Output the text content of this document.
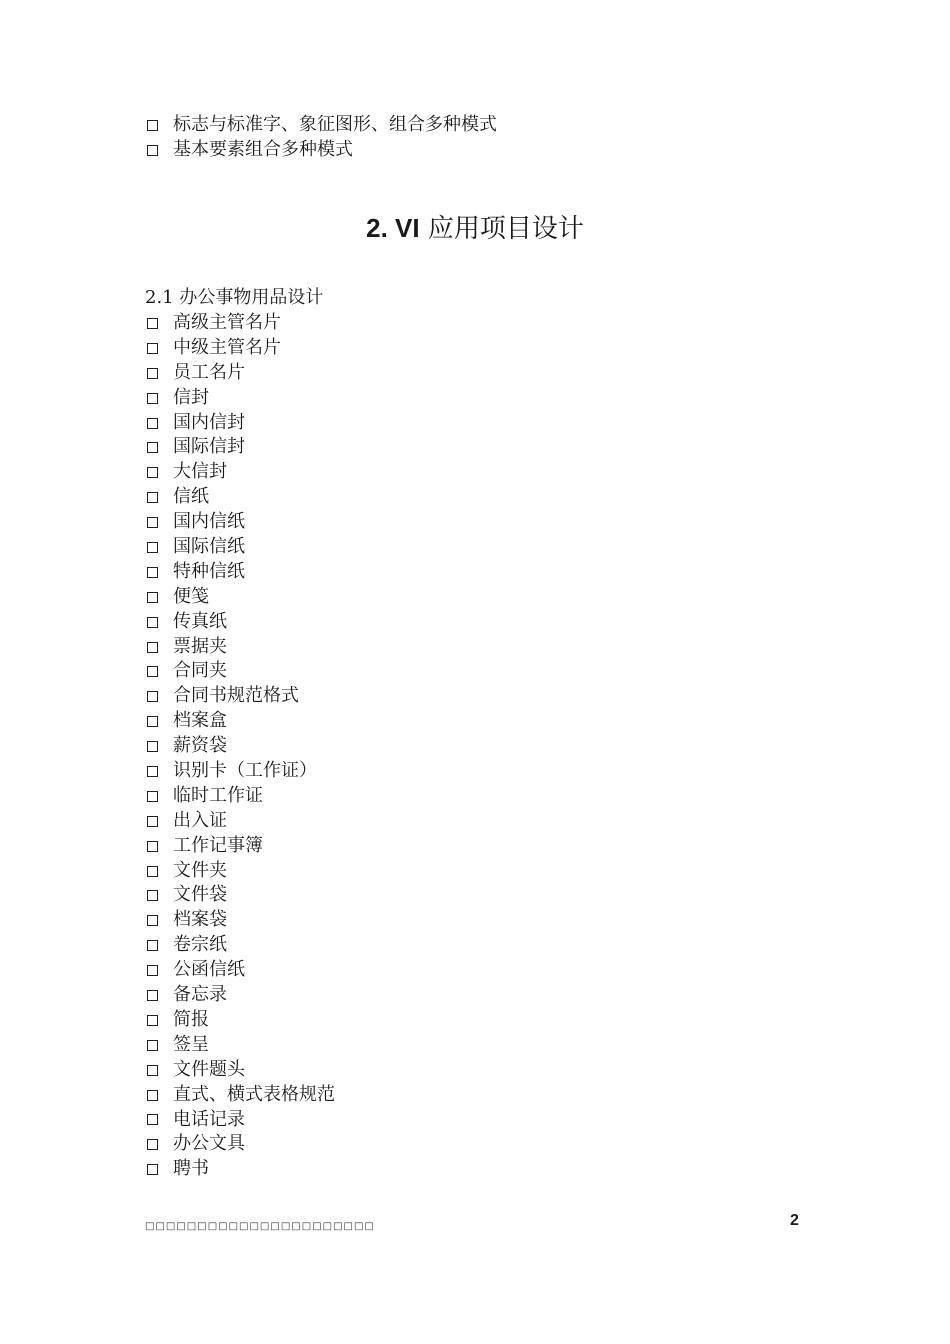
标志与标准字、象征图形、组合多种模式
基本要素组合多种模式
2. VI 应用项目设计
2.1 办公事物用品设计
高级主管名片
中级主管名片
员工名片
信封
国内信封
国际信封
大信封
信纸
国内信纸
国际信纸
特种信纸
便笺
传真纸
票据夹
合同夹
合同书规范格式
档案盒
薪资袋
识别卡（工作证）
临时工作证
出入证
工作记事簿
文件夹
文件袋
档案袋
卷宗纸
公函信纸
备忘录
简报
签呈
文件题头
直式、横式表格规范
电话记录
办公文具
聘书
□□□□□□□□□□□□□□□□□□□□□□	2
